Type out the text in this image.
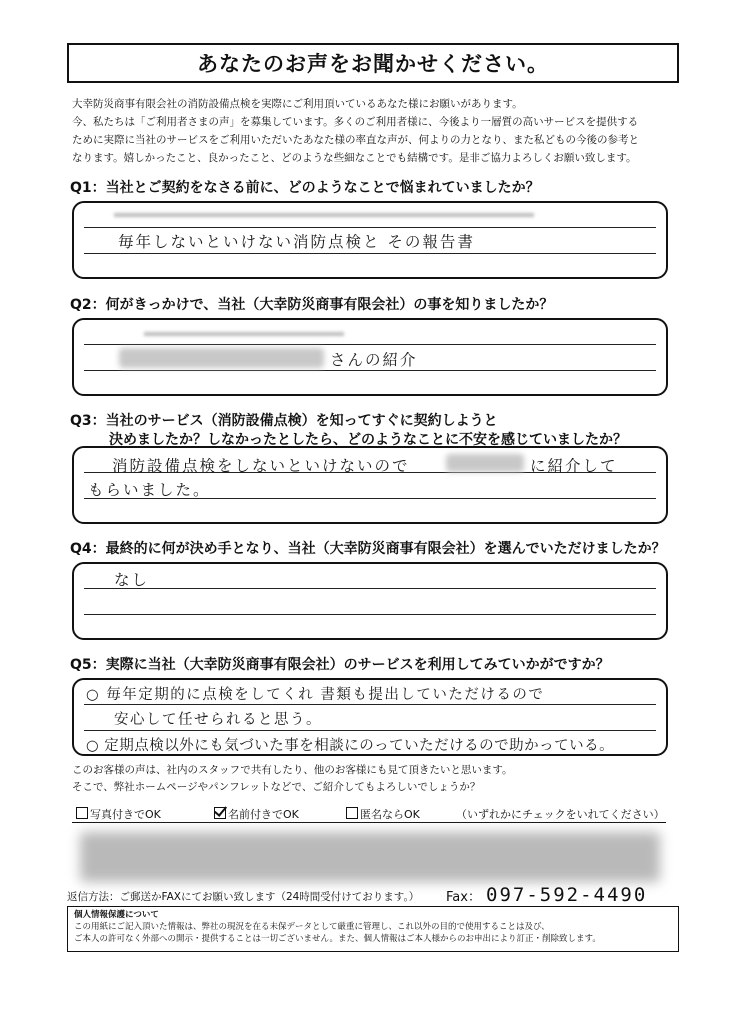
あなたのお声をお聞かせください。
大幸防災商事有限会社の消防設備点検を実際にご利用頂いているあなた様にお願いがあります。
今、私たちは「ご利用者さまの声」を募集しています。多くのご利用者様に、今後より一層質の高いサービスを提供する
ために実際に当社のサービスをご利用いただいたあなた様の率直な声が、何よりの力となり、また私どもの今後の参考と
なります。嬉しかったこと、良かったこと、どのような些細なことでも結構です。是非ご協力よろしくお願い致します。
Q1：当社とご契約をなさる前に、どのようなことで悩まれていましたか？
毎年しないといけない消防点検と その報告書
Q2：何がきっかけで、当社（大幸防災商事有限会社）の事を知りましたか？
さんの紹介
Q3：当社のサービス（消防設備点検）を知ってすぐに契約しようと
決めましたか？しなかったとしたら、どのようなことに不安を感じていましたか？
消防設備点検をしないといけないので	に紹介して
もらいました。
Q4：最終的に何が決め手となり、当社（大幸防災商事有限会社）を選んでいただけましたか？
なし
Q5：実際に当社（大幸防災商事有限会社）のサービスを利用してみていかがですか？
○ 毎年定期的に点検をしてくれ 書類も提出していただけるので
安心して任せられると思う。
○ 定期点検以外にも気づいた事を相談にのっていただけるので助かっている。
このお客様の声は、社内のスタッフで共有したり、他のお客様にも見て頂きたいと思います。
そこで、弊社ホームページやパンフレットなどで、ご紹介してもよろしいでしょうか？
写真付きでOK	名前付きでOK	匿名ならOK	（いずれかにチェックをいれてください）
返信方法：ご郵送かFAXにてお願い致します（24時間受付けております。） Fax： 097-592-4490
個人情報保護について
この用紙にご記入頂いた情報は、弊社の現況を在る未保データとして厳重に管理し、これ以外の目的で使用することは及び、
ご本人の許可なく外部への開示・提供することは一切ございません。また、個人情報はご本人様からのお申出により訂正・削除致します。
